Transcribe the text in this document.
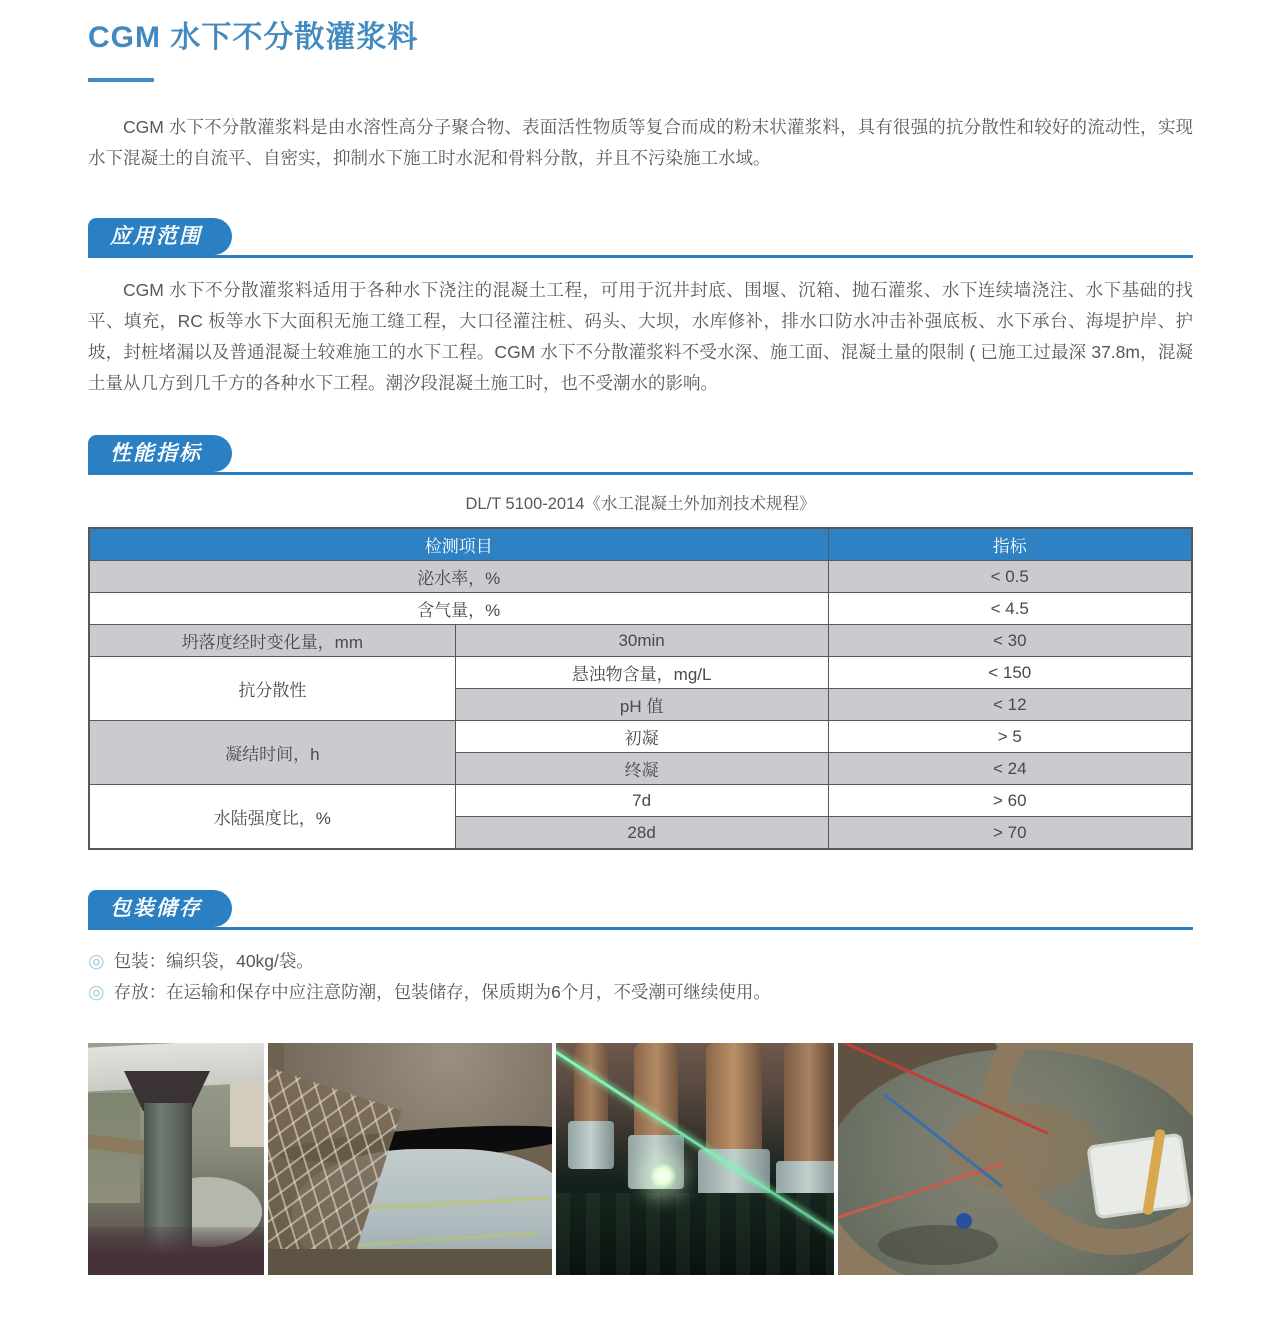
CGM 水下不分散灌浆料

CGM 水下不分散灌浆料是由水溶性高分子聚合物、表面活性物质等复合而成的粉末状灌浆料，具有很强的抗分散性和较好的流动性，实现水下混凝土的自流平、自密实，抑制水下施工时水泥和骨料分散，并且不污染施工水域。

应用范围

CGM 水下不分散灌浆料适用于各种水下浇注的混凝土工程，可用于沉井封底、围堰、沉箱、抛石灌浆、水下连续墙浇注、水下基础的找平、填充，RC 板等水下大面积无施工缝工程，大口径灌注桩、码头、大坝，水库修补，排水口防水冲击补强底板、水下承台、海堤护岸、护坡，封桩堵漏以及普通混凝土较难施工的水下工程。CGM 水下不分散灌浆料不受水深、施工面、混凝土量的限制 ( 已施工过最深 37.8m，混凝土量从几方到几千方的各种水下工程。潮汐段混凝土施工时，也不受潮水的影响。

性能指标

DL/T 5100-2014《水工混凝土外加剂技术规程》

检测项目		指标
泌水率，%		< 0.5
含气量，%		< 4.5
坍落度经时变化量，mm	30min	< 30
抗分散性	悬浊物含量，mg/L	< 150
	pH 值	< 12
凝结时间，h	初凝	> 5
	终凝	< 24
水陆强度比，%	7d	> 60
	28d	> 70
包装储存
◎ 包装：编织袋，40kg/袋。
◎ 存放：在运输和保存中应注意防潮，包装储存，保质期为6个月，不受潮可继续使用。
